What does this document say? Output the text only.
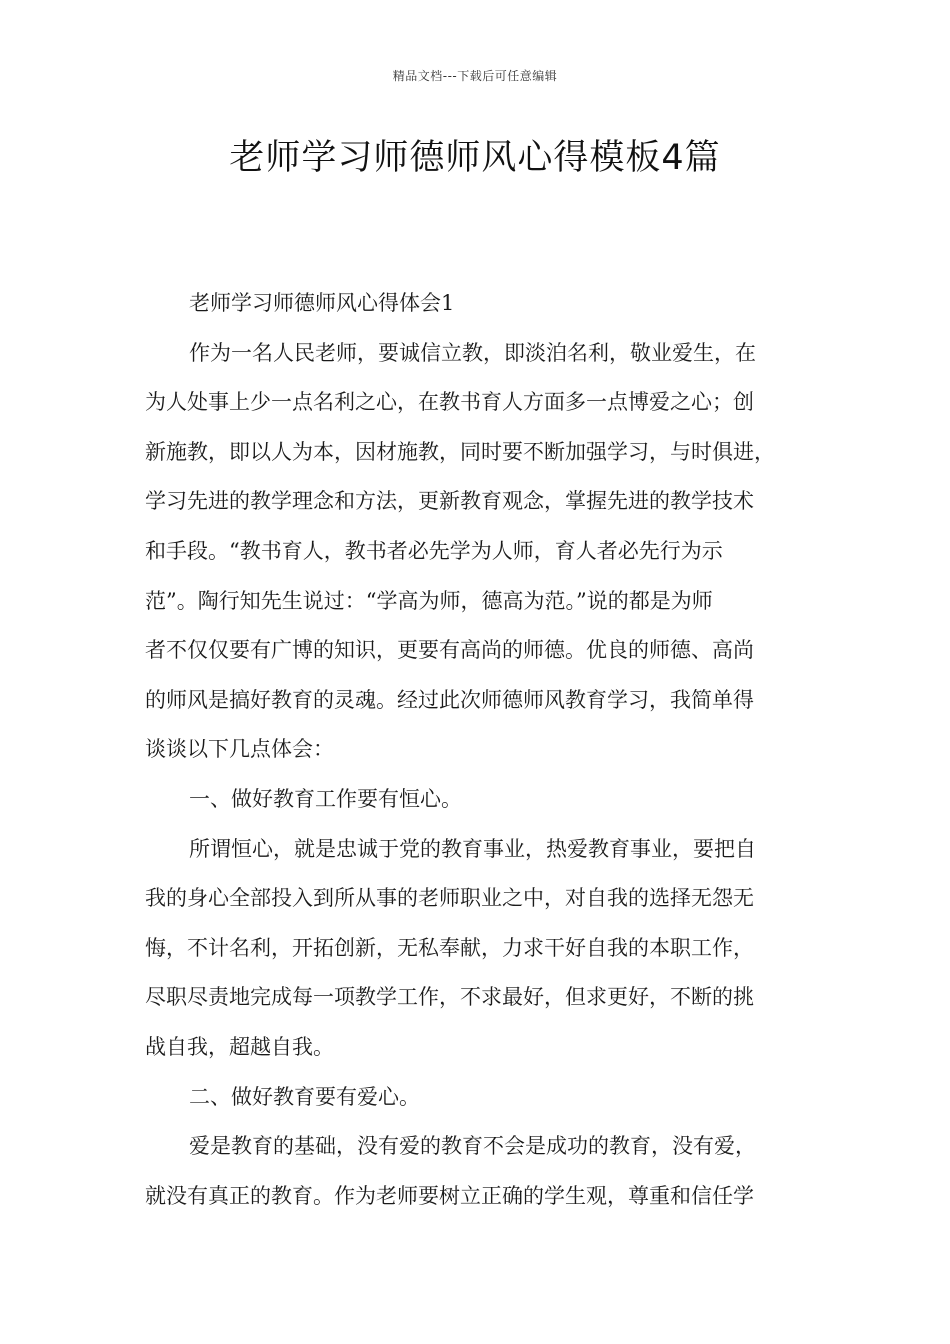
精品文档---下载后可任意编辑
老师学习师德师风心得模板4篇
老师学习师德师风心得体会1
作为一名人民老师，要诚信立教，即淡泊名利，敬业爱生，在
为人处事上少一点名利之心，在教书育人方面多一点博爱之心；创
新施教，即以人为本，因材施教，同时要不断加强学习，与时俱进，
学习先进的教学理念和方法，更新教育观念，掌握先进的教学技术
和手段。“教书育人，教书者必先学为人师，育人者必先行为示
范”。陶行知先生说过：“学高为师，德高为范。”说的都是为师
者不仅仅要有广博的知识，更要有高尚的师德。优良的师德、高尚
的师风是搞好教育的灵魂。经过此次师德师风教育学习，我简单得
谈谈以下几点体会：
一、做好教育工作要有恒心。
所谓恒心，就是忠诚于党的教育事业，热爱教育事业，要把自
我的身心全部投入到所从事的老师职业之中，对自我的选择无怨无
悔，不计名利，开拓创新，无私奉献，力求干好自我的本职工作，
尽职尽责地完成每一项教学工作，不求最好，但求更好，不断的挑
战自我，超越自我。
二、做好教育要有爱心。
爱是教育的基础，没有爱的教育不会是成功的教育，没有爱，
就没有真正的教育。作为老师要树立正确的学生观，尊重和信任学
